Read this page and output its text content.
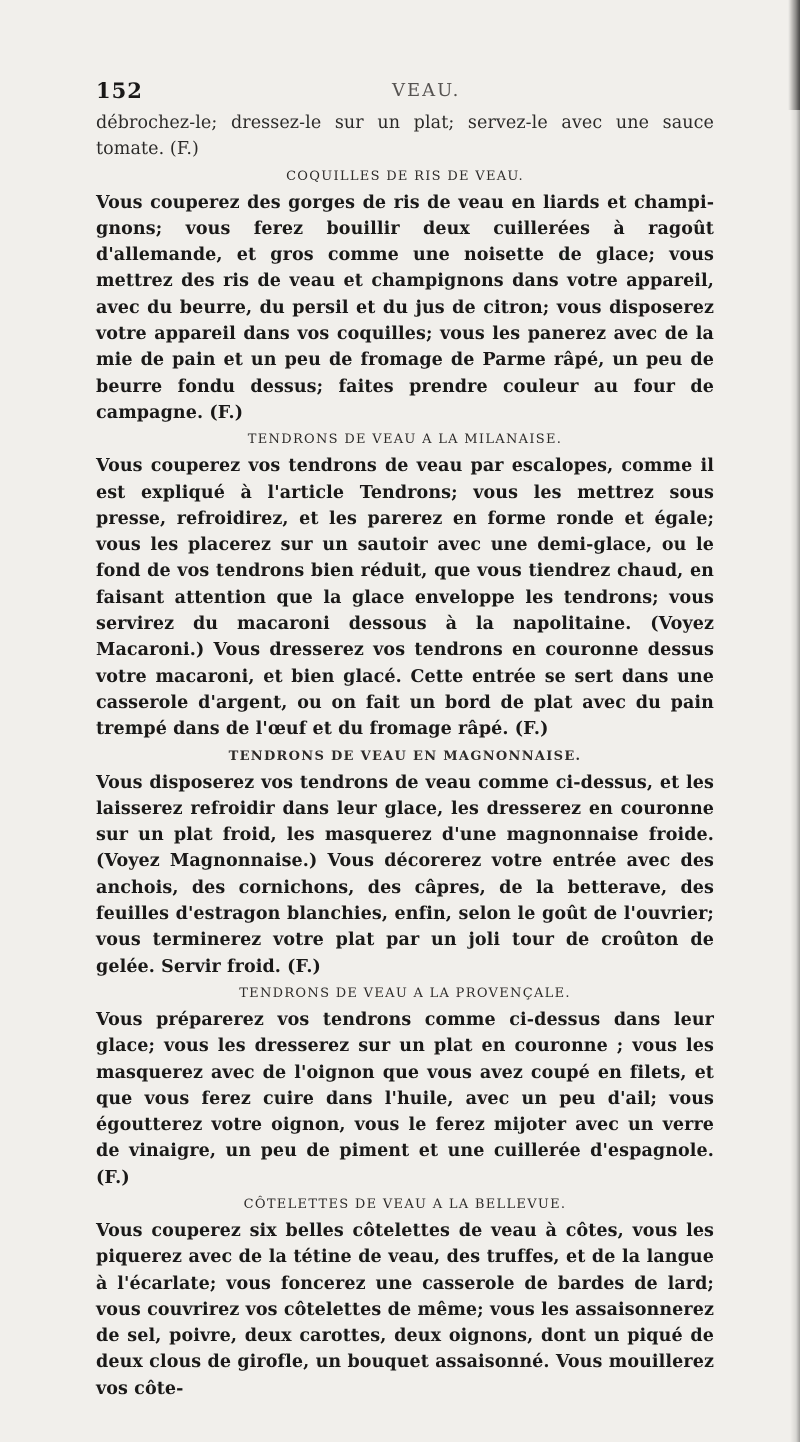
152	VEAU.

débrochez-le; dressez-le sur un plat; servez-le avec une sauce tomate. (F.)

COQUILLES DE RIS DE VEAU.

Vous couperez des gorges de ris de veau en liards et champignons; vous ferez bouillir deux cuillerées à ragoût d'allemande, et gros comme une noisette de glace; vous mettrez des ris de veau et champignons dans votre appareil, avec du beurre, du persil et du jus de citron; vous disposerez votre appareil dans vos coquilles; vous les panerez avec de la mie de pain et un peu de fromage de Parme râpé, un peu de beurre fondu dessus; faites prendre couleur au four de campagne. (F.)

TENDRONS DE VEAU A LA MILANAISE.

Vous couperez vos tendrons de veau par escalopes, comme il est expliqué à l'article Tendrons; vous les mettrez sous presse, refroidirez, et les parerez en forme ronde et égale; vous les placerez sur un sautoir avec une demi-glace, ou le fond de vos tendrons bien réduit, que vous tiendrez chaud, en faisant attention que la glace enveloppe les tendrons; vous servirez du macaroni dessous à la napolitaine. (Voyez Macaroni.) Vous dresserez vos tendrons en couronne dessus votre macaroni, et bien glacé. Cette entrée se sert dans une casserole d'argent, ou on fait un bord de plat avec du pain trempé dans de l'œuf et du fromage râpé. (F.)

TENDRONS DE VEAU EN MAGNONNAISE.

Vous disposerez vos tendrons de veau comme ci-dessus, et les laisserez refroidir dans leur glace, les dresserez en couronne sur un plat froid, les masquerez d'une magnonnaise froide. (Voyez Magnonnaise.) Vous décorerez votre entrée avec des anchois, des cornichons, des câpres, de la betterave, des feuilles d'estragon blanchies, enfin, selon le goût de l'ouvrier; vous terminerez votre plat par un joli tour de croûton de gelée. Servir froid. (F.)

TENDRONS DE VEAU A LA PROVENÇALE.

Vous préparerez vos tendrons comme ci-dessus dans leur glace; vous les dresserez sur un plat en couronne ; vous les masquerez avec de l'oignon que vous avez coupé en filets, et que vous ferez cuire dans l'huile, avec un peu d'ail; vous égoutterez votre oignon, vous le ferez mijoter avec un verre de vinaigre, un peu de piment et une cuillerée d'espagnole. (F.)

CÔTELETTES DE VEAU A LA BELLEVUE.

Vous couperez six belles côtelettes de veau à côtes, vous les piquerez avec de la tétine de veau, des truffes, et de la langue à l'écarlate; vous foncerez une casserole de bardes de lard; vous couvrirez vos côtelettes de même; vous les assaisonnerez de sel, poivre, deux carottes, deux oignons, dont un piqué de deux clous de girofle, un bouquet assaisonné. Vous mouillerez vos côte-
